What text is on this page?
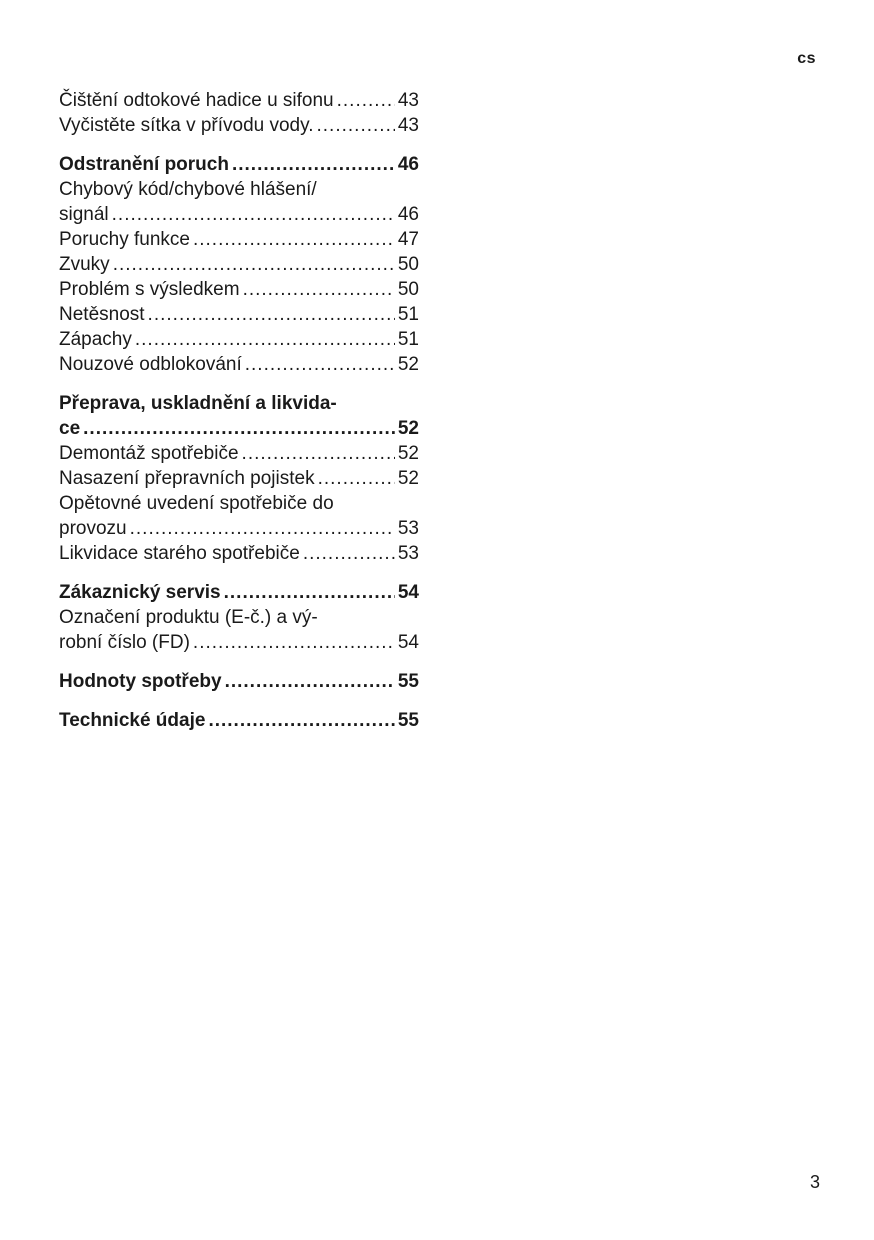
cs
Čištění odtokové hadice u sifonu .....	43
Vyčistěte sítka v přívodu vody. .....	43
Odstranění poruch .....	46
Chybový kód/chybové hlášení/
signál .....	46
Poruchy funkce .....	47
Zvuky .....	50
Problém s výsledkem .....	50
Netěsnost .....	51
Zápachy .....	51
Nouzové odblokování .....	52
Přeprava, uskladnění a likvida-
ce .....	52
Demontáž spotřebiče .....	52
Nasazení přepravních pojistek .....	52
Opětovné uvedení spotřebiče do
provozu .....	53
Likvidace starého spotřebiče .....	53
Zákaznický servis .....	54
Označení produktu (E-č.) a vý-
robní číslo (FD) .....	54
Hodnoty spotřeby .....	55
Technické údaje .....	55
3
